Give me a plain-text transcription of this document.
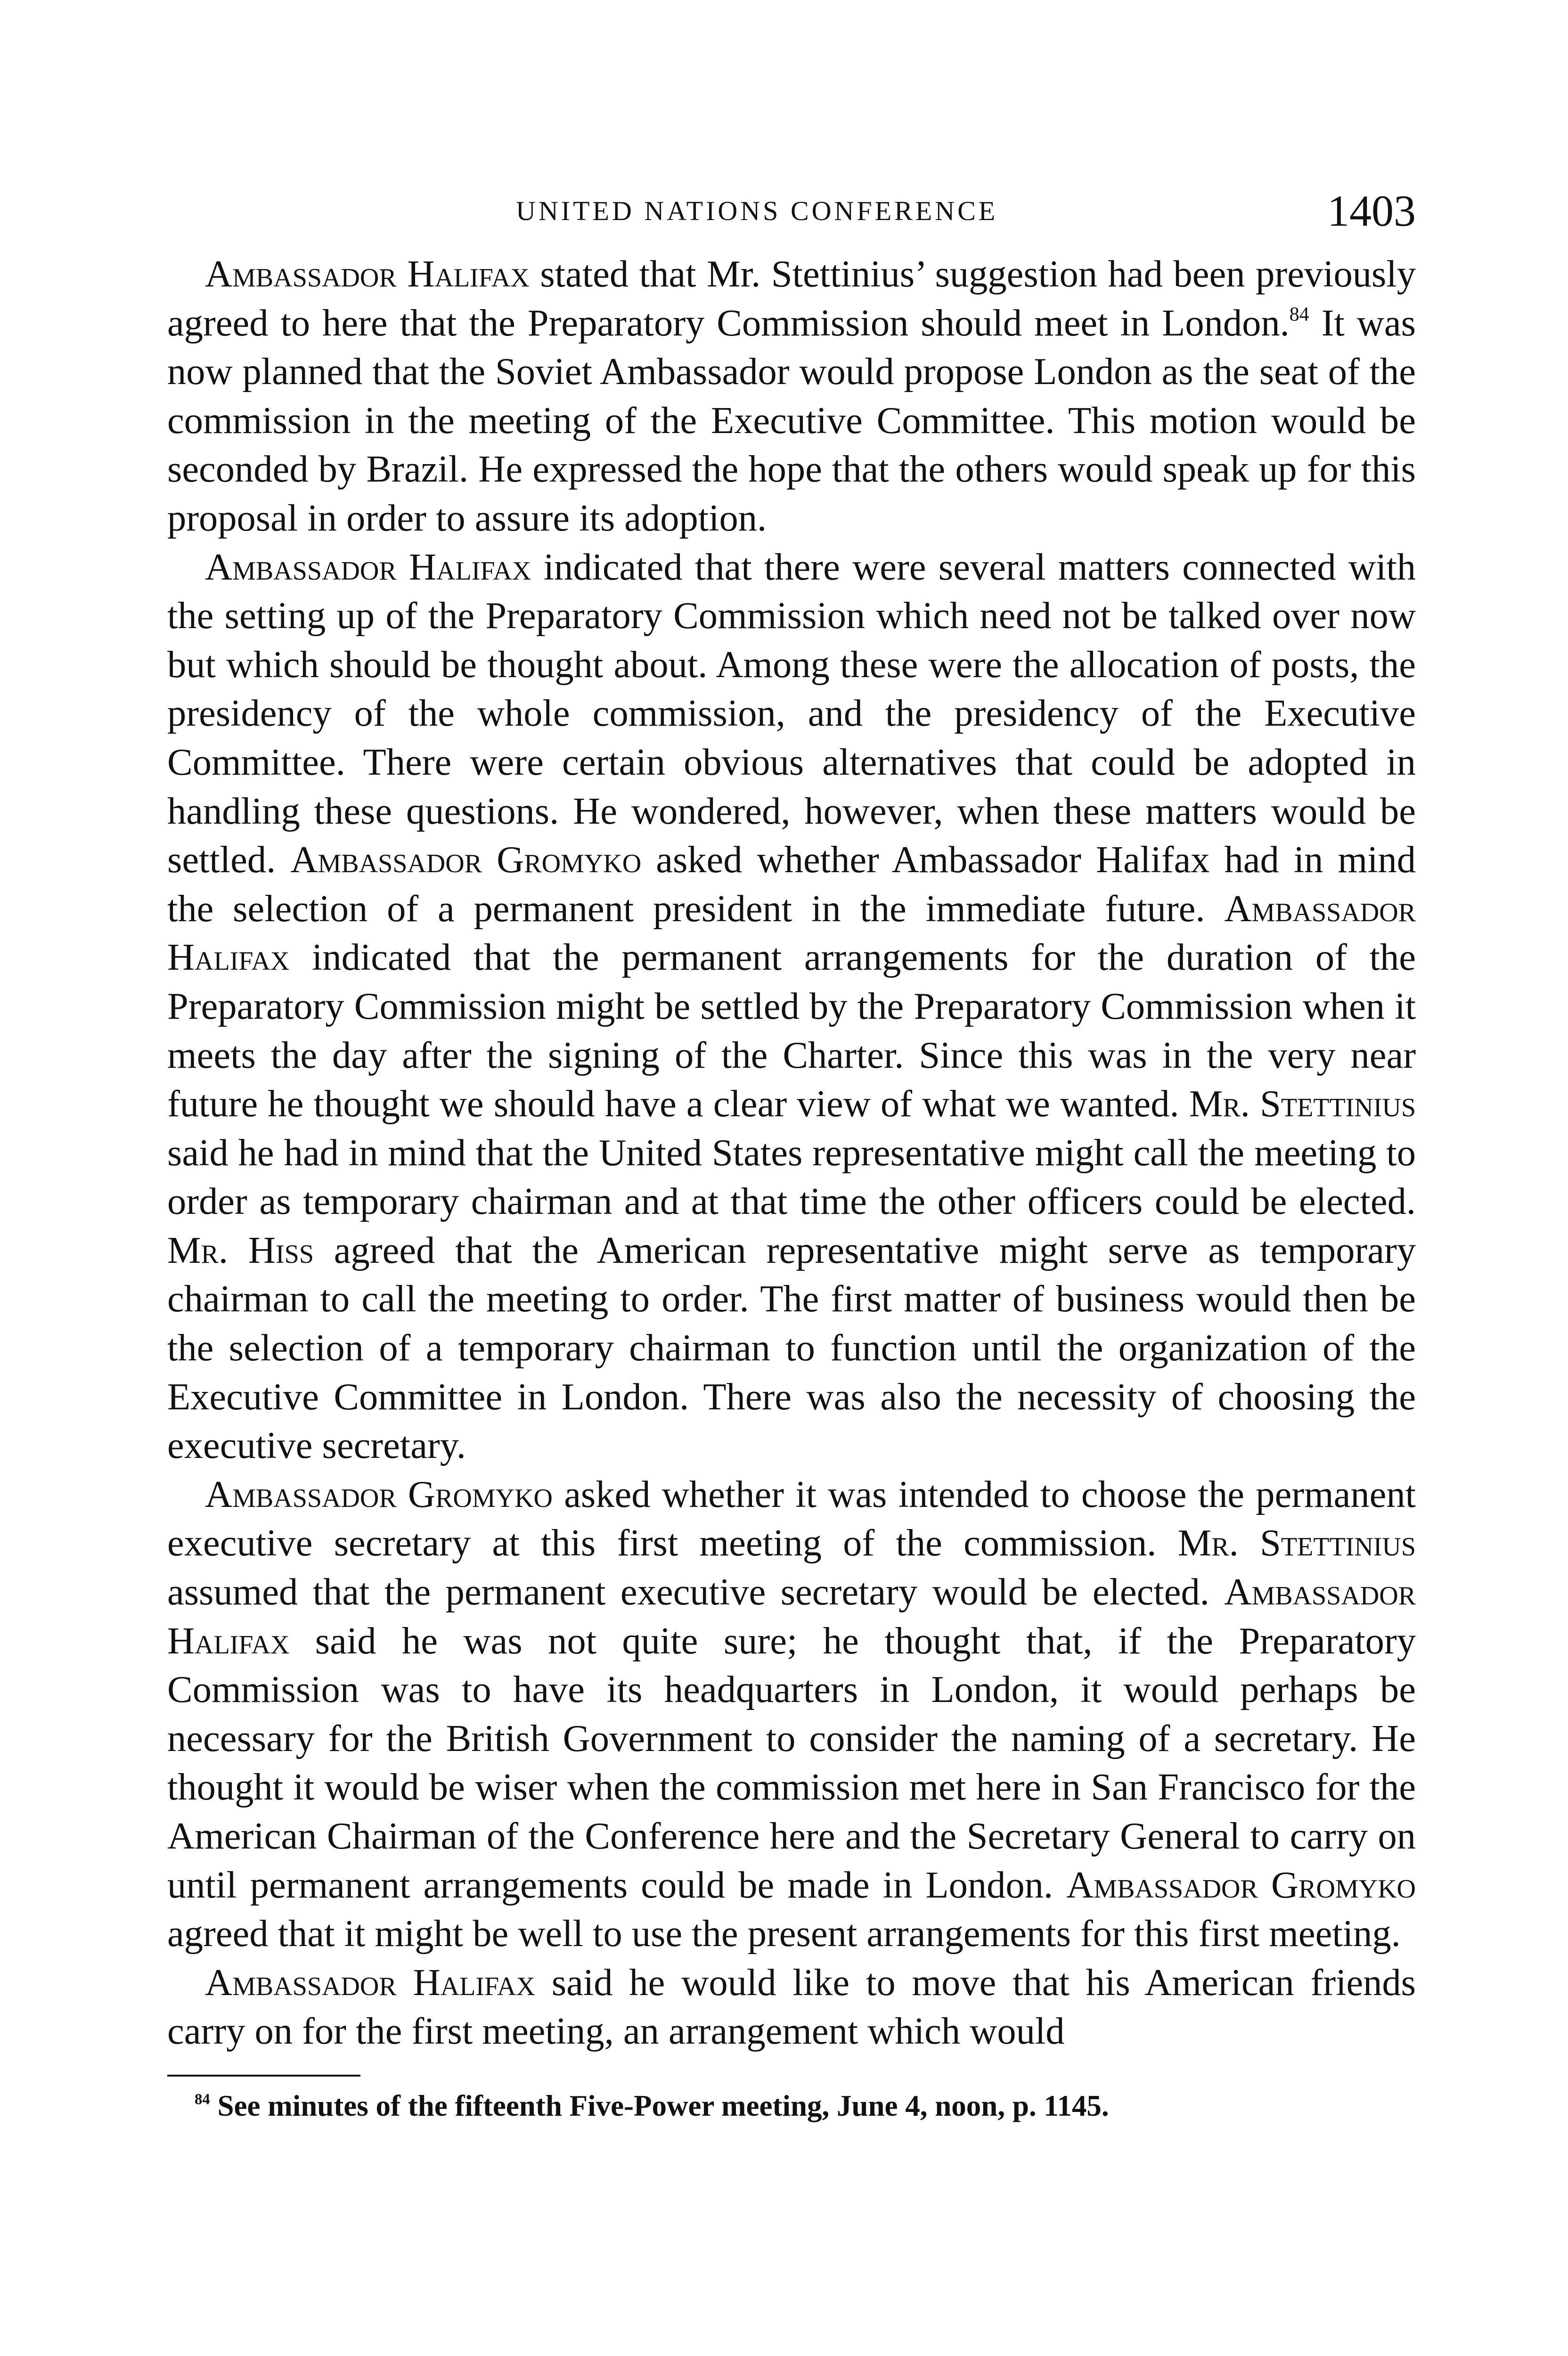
UNITED NATIONS CONFERENCE	1403

Ambassador Halifax stated that Mr. Stettinius’ suggestion had been previously agreed to here that the Preparatory Commission should meet in London.$^{84}$ It was now planned that the Soviet Ambassador would propose London as the seat of the commission in the meeting of the Executive Committee. This motion would be seconded by Brazil. He expressed the hope that the others would speak up for this proposal in order to assure its adoption.

Ambassador Halifax indicated that there were several matters connected with the setting up of the Preparatory Commission which need not be talked over now but which should be thought about. Among these were the allocation of posts, the presidency of the whole commission, and the presidency of the Executive Committee. There were certain obvious alternatives that could be adopted in handling these questions. He wondered, however, when these matters would be settled. Ambassador Gromyko asked whether Ambassador Halifax had in mind the selection of a permanent president in the immediate future. Ambassador Halifax indicated that the permanent arrangements for the duration of the Preparatory Commission might be settled by the Preparatory Commission when it meets the day after the signing of the Charter. Since this was in the very near future he thought we should have a clear view of what we wanted. Mr. Stettinius said he had in mind that the United States representative might call the meeting to order as temporary chairman and at that time the other officers could be elected. Mr. Hiss agreed that the American representative might serve as temporary chairman to call the meeting to order. The first matter of business would then be the selection of a temporary chairman to function until the organization of the Executive Committee in London. There was also the necessity of choosing the executive secretary.

Ambassador Gromyko asked whether it was intended to choose the permanent executive secretary at this first meeting of the commission. Mr. Stettinius assumed that the permanent executive secretary would be elected. Ambassador Halifax said he was not quite sure; he thought that, if the Preparatory Commission was to have its headquarters in London, it would perhaps be necessary for the British Government to consider the naming of a secretary. He thought it would be wiser when the commission met here in San Francisco for the American Chairman of the Conference here and the Secretary General to carry on until permanent arrangements could be made in London. Ambassador Gromyko agreed that it might be well to use the present arrangements for this first meeting.

Ambassador Halifax said he would like to move that his American friends carry on for the first meeting, an arrangement which would

$^{84}$ See minutes of the fifteenth Five-Power meeting, June 4, noon, p. 1145.
